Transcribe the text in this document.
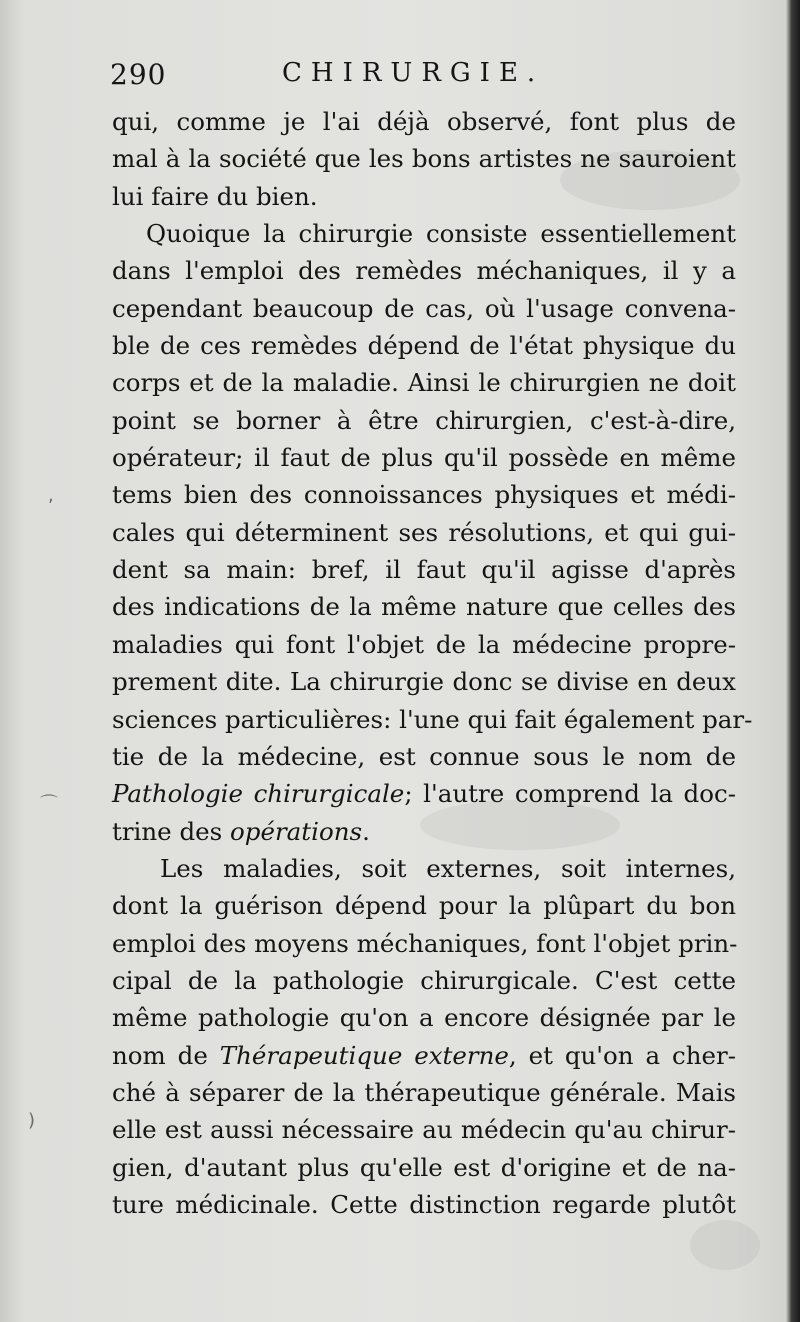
⌒
)
,
290	CHIRURGIE.
qui, comme je l'ai déjà observé, font plus de
mal à la société que les bons artistes ne sauroient
lui faire du bien.
Quoique la chirurgie consiste essentiellement
dans l'emploi des remèdes méchaniques, il y a
cependant beaucoup de cas, où l'usage convena-
ble de ces remèdes dépend de l'état physique du
corps et de la maladie. Ainsi le chirurgien ne doit
point se borner à être chirurgien, c'est-à-dire,
opérateur; il faut de plus qu'il possède en même
tems bien des connoissances physiques et médi-
cales qui déterminent ses résolutions, et qui gui-
dent sa main: bref, il faut qu'il agisse d'après
des indications de la même nature que celles des
maladies qui font l'objet de la médecine propre-
prement dite. La chirurgie donc se divise en deux
sciences particulières: l'une qui fait également par-
tie de la médecine, est connue sous le nom de
Pathologie chirurgicale; l'autre comprend la doc-
trine des opérations.
Les maladies, soit externes, soit internes,
dont la guérison dépend pour la plûpart du bon
emploi des moyens méchaniques, font l'objet prin-
cipal de la pathologie chirurgicale. C'est cette
même pathologie qu'on a encore désignée par le
nom de Thérapeutique externe, et qu'on a cher-
ché à séparer de la thérapeutique générale. Mais
elle est aussi nécessaire au médecin qu'au chirur-
gien, d'autant plus qu'elle est d'origine et de na-
ture médicinale. Cette distinction regarde plutôt
